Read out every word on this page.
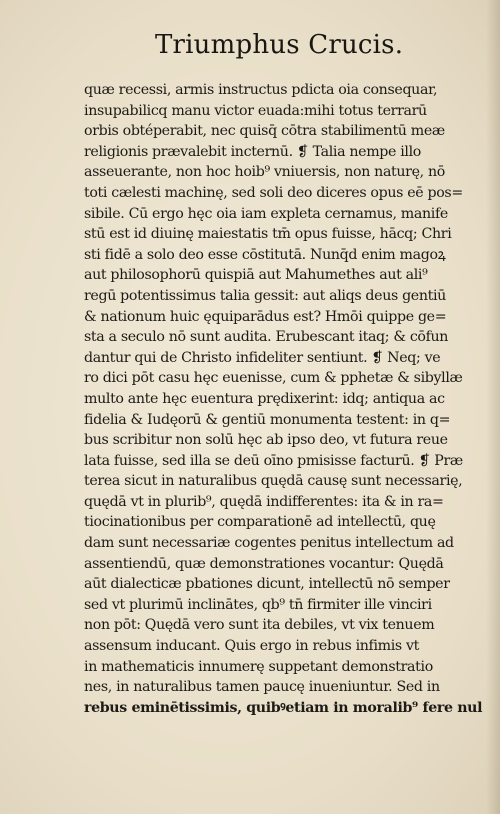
Triumphus Crucis.
quæ recessi, armis instructus pdicta oia consequar,
insupabilicq manu victor euada:mihi totus terrarū
orbis obtéperabit, nec quisq̄ cōtra stabilimentū meæ
religionis prævalebit incternū. ❡ Talia nempe illo
asseuerante, non hoc hoib⁹ vniuersis, non naturę, nō
toti cælesti machinę, sed soli deo diceres opus eē pos=
sibile. Cū ergo hęc oia iam expleta cernamus, manife
stū est id diuinę maiestatis tm̄ opus fuisse, hācq; Chri
sti fidē a solo deo esse cōstitutā. Nunq̄d enim magoꝝ
aut philosophorū quispiā aut Mahumethes aut ali⁹
regū potentissimus talia gessit: aut aliqs deus gentiū
& nationum huic ęquiparādus est? Hmōi quippe ge=
sta a seculo nō sunt audita. Erubescant itaq; & cōfun
dantur qui de Christo infideliter sentiunt. ❡ Neq; ve
ro dici pōt casu hęc euenisse, cum & pphetæ & sibyllæ
multo ante hęc euentura prędixerint: idq; antiqua ac
fidelia & Iudęorū & gentiū monumenta testent: in q=
bus scribitur non solū hęc ab ipso deo, vt futura reue
lata fuisse, sed illa se deū oīno pmisisse facturū. ❡ Præ
terea sicut in naturalibus quędā causę sunt necessarię,
quędā vt in plurib⁹, quędā indifferentes: ita & in ra=
tiocinationibus per comparationē ad intellectū, quę
dam sunt necessariæ cogentes penitus intellectum ad
assentiendū, quæ demonstrationes vocantur: Quędā
aūt dialecticæ pbationes dicunt, intellectū nō semper
sed vt plurimū inclinātes, qb⁹ tn̄ firmiter ille vinciri
non pōt: Quędā vero sunt ita debiles, vt vix tenuem
assensum inducant. Quis ergo in rebus infimis vt
in mathematicis innumerę suppetant demonstratio
nes, in naturalibus tamen paucę inueniuntur. Sed in
rebus eminētissimis, quibꝰetiam in moralib⁹ fere nul
